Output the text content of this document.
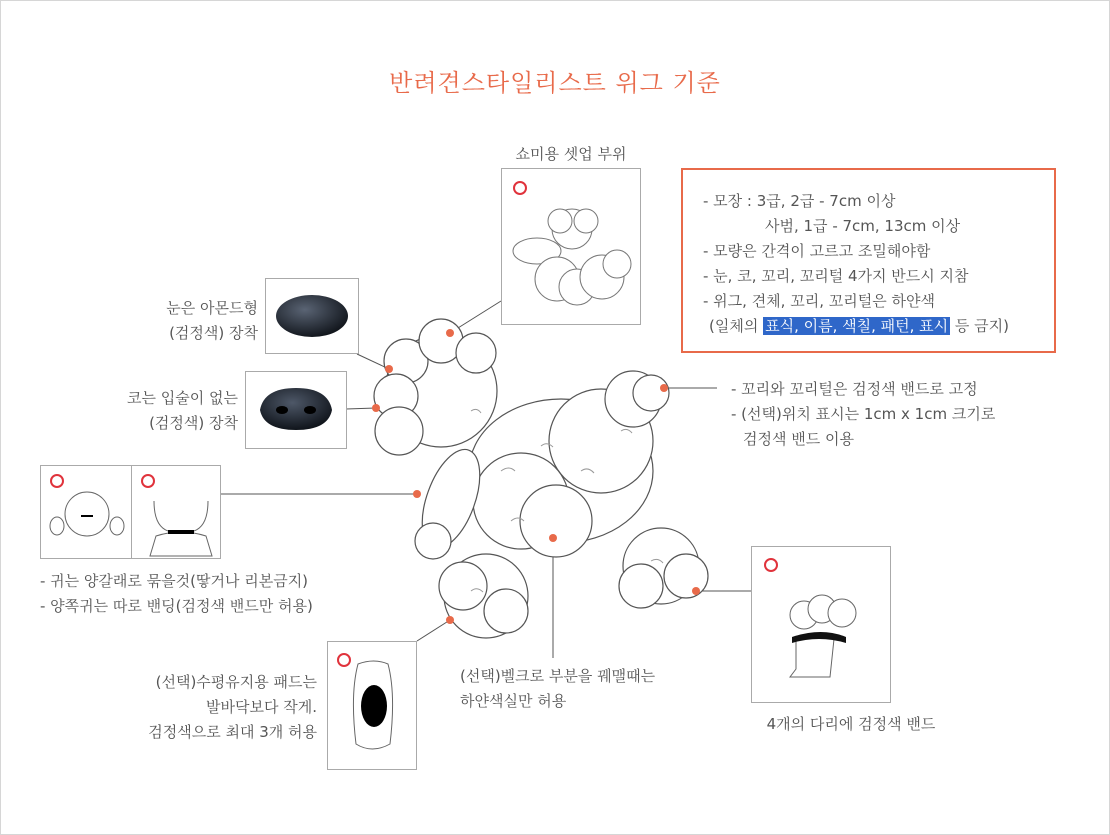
반려견스타일리스트 위그 기준
쇼미용 셋업 부위
- 모장 : 3급, 2급 - 7cm 이상
사범, 1급 - 7cm, 13cm 이상
- 모량은 간격이 고르고 조밀해야함
- 눈, 코, 꼬리, 꼬리털 4가지 반드시 지참
- 위그, 견체, 꼬리, 꼬리털은 하얀색
(일체의 표식, 이름, 색칠, 패턴, 표시 등 금지)
눈은 아몬드형
(검정색) 장착
코는 입술이 없는
(검정색) 장착
- 귀는 양갈래로 묶을것(땋거나 리본금지)
- 양쪽귀는 따로 밴딩(검정색 밴드만 허용)
- 꼬리와 꼬리털은 검정색 밴드로 고정
- (선택)위치 표시는 1cm x 1cm 크기로
검정색 밴드 이용
4개의 다리에 검정색 밴드
(선택)수평유지용 패드는
발바닥보다 작게.
검정색으로 최대 3개 허용
(선택)벨크로 부분을 꿰맬때는
하얀색실만 허용
